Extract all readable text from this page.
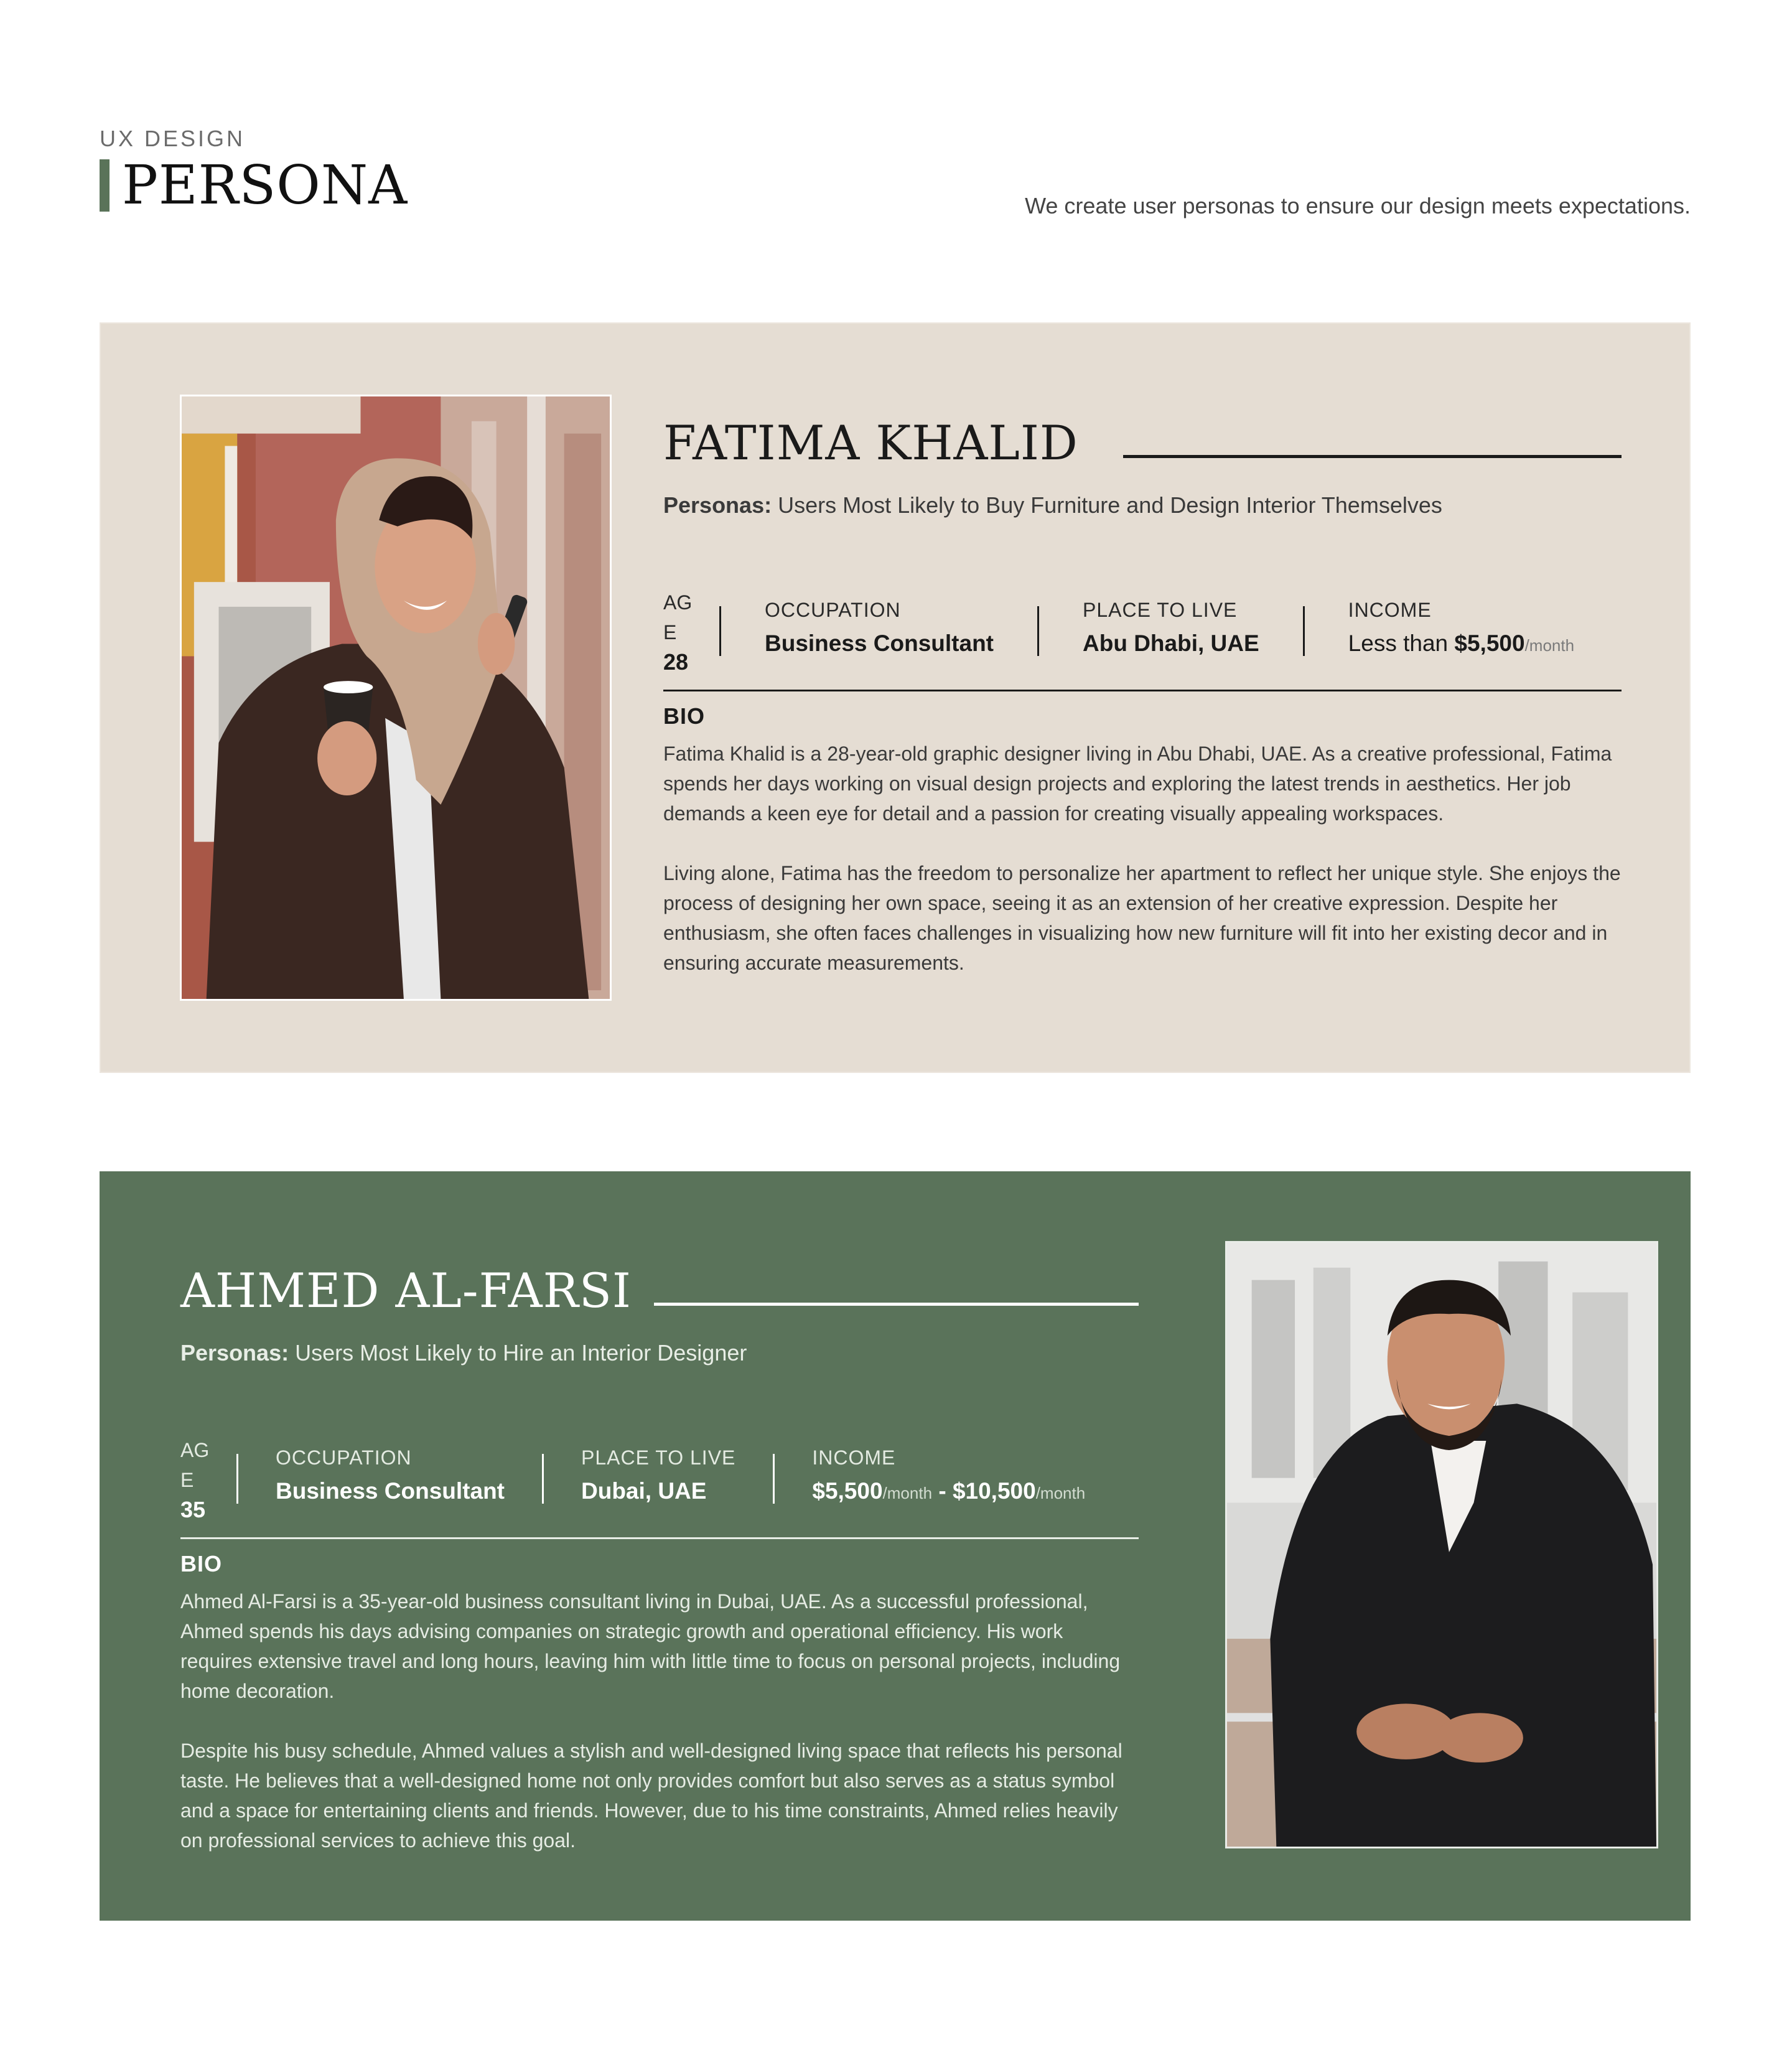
UX DESIGN
PERSONA	We create user personas to ensure our design meets expectations.
FATIMA KHALID
Personas: Users Most Likely to Buy Furniture and Design Interior Themselves
AGE
28
OCCUPATION
Business Consultant
PLACE TO LIVE
Abu Dhabi, UAE
INCOME
Less than $5,500/month
BIO

Fatima Khalid is a 28-year-old graphic designer living in Abu Dhabi, UAE. As a creative professional, Fatima spends her days working on visual design projects and exploring the latest trends in aesthetics. Her job demands a keen eye for detail and a passion for creating visually appealing workspaces.

Living alone, Fatima has the freedom to personalize her apartment to reflect her unique style. She enjoys the process of designing her own space, seeing it as an extension of her creative expression. Despite her enthusiasm, she often faces challenges in visualizing how new furniture will fit into her existing decor and in ensuring accurate measurements.

AHMED AL-FARSI
Personas: Users Most Likely to Hire an Interior Designer
AGE
35
OCCUPATION
Business Consultant
PLACE TO LIVE
Dubai, UAE
INCOME
$5,500/month - $10,500/month
BIO

Ahmed Al-Farsi is a 35-year-old business consultant living in Dubai, UAE. As a successful professional, Ahmed spends his days advising companies on strategic growth and operational efficiency. His work requires extensive travel and long hours, leaving him with little time to focus on personal projects, including home decoration.

Despite his busy schedule, Ahmed values a stylish and well-designed living space that reflects his personal taste. He believes that a well-designed home not only provides comfort but also serves as a status symbol and a space for entertaining clients and friends. However, due to his time constraints, Ahmed relies heavily on professional services to achieve this goal.
